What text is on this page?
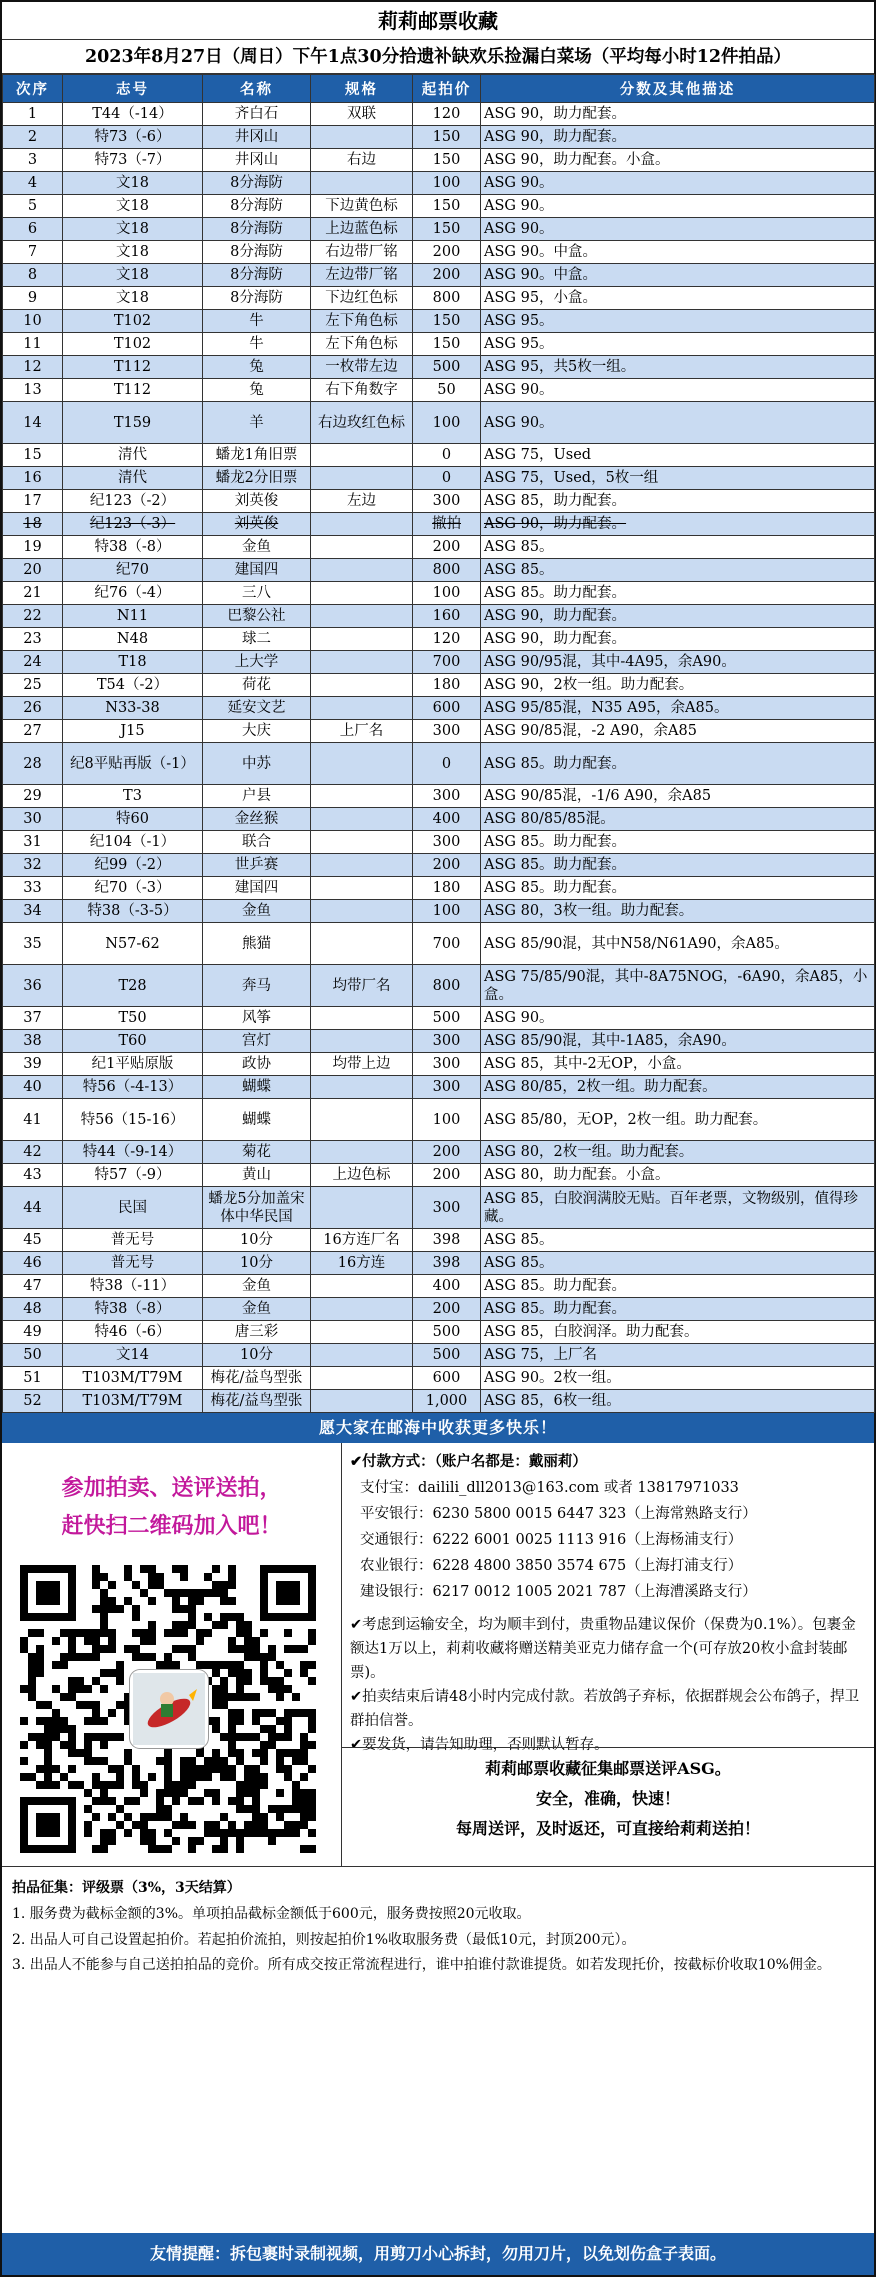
莉莉邮票收藏
2023年8月27日（周日）下午1点30分拾遗补缺欢乐捡漏白菜场（平均每小时12件拍品）
次序	志号	名称	规格	起拍价	分数及其他描述
1	T44（-14）	齐白石	双联	120	ASG 90，助力配套。
2	特73（-6）	井冈山		150	ASG 90，助力配套。
3	特73（-7）	井冈山	右边	150	ASG 90，助力配套。小盒。
4	文18	8分海防		100	ASG 90。
5	文18	8分海防	下边黄色标	150	ASG 90。
6	文18	8分海防	上边蓝色标	150	ASG 90。
7	文18	8分海防	右边带厂铭	200	ASG 90。中盒。
8	文18	8分海防	左边带厂铭	200	ASG 90。中盒。
9	文18	8分海防	下边红色标	800	ASG 95，小盒。
10	T102	牛	左下角色标	150	ASG 95。
11	T102	牛	左下角色标	150	ASG 95。
12	T112	兔	一枚带左边	500	ASG 95，共5枚一组。
13	T112	兔	右下角数字	50	ASG 90。
14	T159	羊	右边玫红色标	100	ASG 90。
15	清代	蟠龙1角旧票		0	ASG 75，Used
16	清代	蟠龙2分旧票		0	ASG 75，Used，5枚一组
17	纪123（-2）	刘英俊	左边	300	ASG 85，助力配套。
18	纪123（-3）	刘英俊		撤拍	ASG 90，助力配套。
19	特38（-8）	金鱼		200	ASG 85。
20	纪70	建国四		800	ASG 85。
21	纪76（-4）	三八		100	ASG 85。助力配套。
22	N11	巴黎公社		160	ASG 90，助力配套。
23	N48	球二		120	ASG 90，助力配套。
24	T18	上大学		700	ASG 90/95混，其中-4A95，余A90。
25	T54（-2）	荷花		180	ASG 90，2枚一组。助力配套。
26	N33-38	延安文艺		600	ASG 95/85混，N35 A95，余A85。
27	J15	大庆	上厂名	300	ASG 90/85混，-2 A90，余A85
28	纪8平贴再版（-1）	中苏		0	ASG 85。助力配套。
29	T3	户县		300	ASG 90/85混，-1/6 A90，余A85
30	特60	金丝猴		400	ASG 80/85/85混。
31	纪104（-1）	联合		300	ASG 85。助力配套。
32	纪99（-2）	世乒赛		200	ASG 85。助力配套。
33	纪70（-3）	建国四		180	ASG 85。助力配套。
34	特38（-3-5）	金鱼		100	ASG 80，3枚一组。助力配套。
35	N57-62	熊猫		700	ASG 85/90混，其中N58/N61A90，余A85。
36	T28	奔马	均带厂名	800	ASG 75/85/90混，其中-8A75NOG，-6A90，余A85，小盒。
37	T50	风筝		500	ASG 90。
38	T60	宫灯		300	ASG 85/90混，其中-1A85，余A90。
39	纪1平贴原版	政协	均带上边	300	ASG 85，其中-2无OP，小盒。
40	特56（-4-13）	蝴蝶		300	ASG 80/85，2枚一组。助力配套。
41	特56（15-16）	蝴蝶		100	ASG 85/80，无OP，2枚一组。助力配套。
42	特44（-9-14）	菊花		200	ASG 80，2枚一组。助力配套。
43	特57（-9）	黄山	上边色标	200	ASG 80，助力配套。小盒。
44	民国	蟠龙5分加盖宋体中华民国		300	ASG 85，白胶润满胶无贴。百年老票，文物级别，值得珍藏。
45	普无号	10分	16方连厂名	398	ASG 85。
46	普无号	10分	16方连	398	ASG 85。
47	特38（-11）	金鱼		400	ASG 85。助力配套。
48	特38（-8）	金鱼		200	ASG 85。助力配套。
49	特46（-6）	唐三彩		500	ASG 85，白胶润泽。助力配套。
50	文14	10分		500	ASG 75，上厂名
51	T103M/T79M	梅花/益鸟型张		600	ASG 90。2枚一组。
52	T103M/T79M	梅花/益鸟型张		1,000	ASG 85，6枚一组。
愿大家在邮海中收获更多快乐！
参加拍卖、送评送拍，
赶快扫二维码加入吧！
✔付款方式：（账户名都是：戴丽莉）
支付宝：dailili_dll2013@163.com 或者 13817971033
平安银行：6230 5800 0015 6447 323（上海常熟路支行）
交通银行：6222 6001 0025 1113 916（上海杨浦支行）
农业银行：6228 4800 3850 3574 675（上海打浦支行）
建设银行：6217 0012 1005 2021 787（上海漕溪路支行）
✔考虑到运输安全，均为顺丰到付，贵重物品建议保价（保费为0.1%）。包裹金额达1万以上，莉莉收藏将赠送精美亚克力储存盒一个(可存放20枚小盒封装邮票)。
✔拍卖结束后请48小时内完成付款。若放鸽子弃标，依据群规会公布鸽子，捍卫群拍信誉。
✔要发货，请告知助理，否则默认暂存。
莉莉邮票收藏征集邮票送评ASG。
安全，准确，快速！
每周送评，及时返还，可直接给莉莉送拍！
拍品征集：评级票（3%，3天结算）
1. 服务费为截标金额的3%。单项拍品截标金额低于600元，服务费按照20元收取。
2. 出品人可自己设置起拍价。若起拍价流拍，则按起拍价1%收取服务费（最低10元，封顶200元）。
3. 出品人不能参与自己送拍拍品的竞价。所有成交按正常流程进行，谁中拍谁付款谁提货。如若发现托价，按截标价收取10%佣金。
友情提醒：拆包裹时录制视频，用剪刀小心拆封，勿用刀片，以免划伤盒子表面。
